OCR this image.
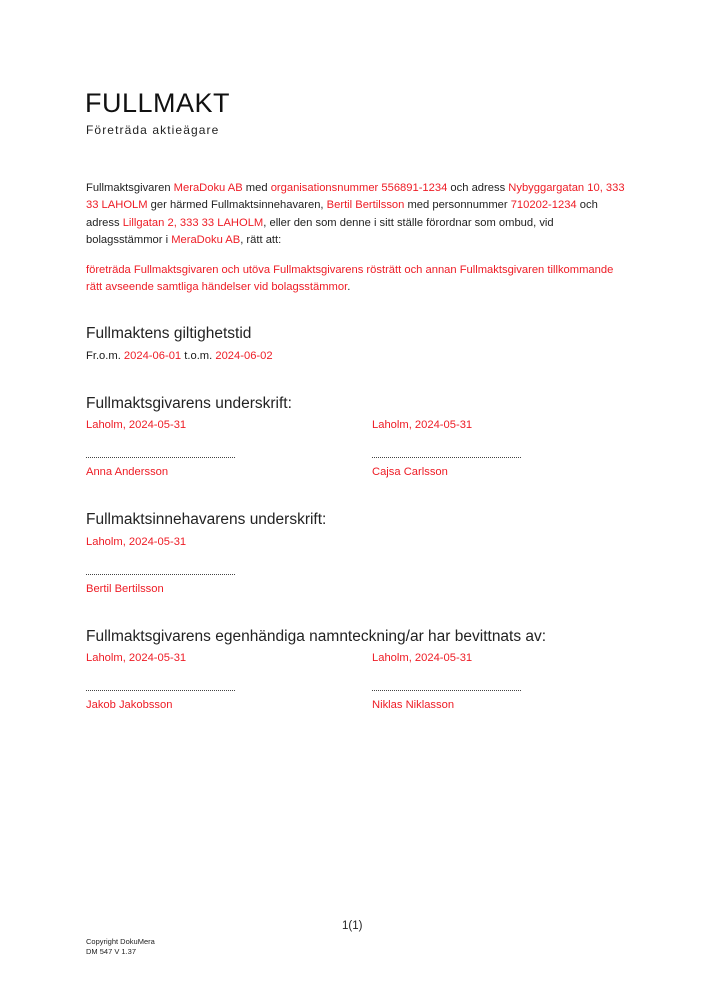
FULLMAKT
Företräda aktieägare
Fullmaktsgivaren MeraDoku AB med organisationsnummer 556891-1234 och adress Nybyggargatan 10, 333 33 LAHOLM ger härmed Fullmaktsinnehavaren, Bertil Bertilsson med personnummer 710202-1234 och adress Lillgatan 2, 333 33 LAHOLM, eller den som denne i sitt ställe förordnar som ombud, vid bolagsstämmor i MeraDoku AB, rätt att:
företräda Fullmaktsgivaren och utöva Fullmaktsgivarens rösträtt och annan Fullmaktsgivaren tillkommande rätt avseende samtliga händelser vid bolagsstämmor.
Fullmaktens giltighetstid
Fr.o.m. 2024-06-01 t.o.m. 2024-06-02
Fullmaktsgivarens underskrift:
Laholm, 2024-05-31	Laholm, 2024-05-31
Anna Andersson	Cajsa Carlsson
Fullmaktsinnehavarens underskrift:
Laholm, 2024-05-31
Bertil Bertilsson
Fullmaktsgivarens egenhändiga namnteckning/ar har bevittnats av:
Laholm, 2024-05-31	Laholm, 2024-05-31
Jakob Jakobsson	Niklas Niklasson
1(1)
Copyright DokuMera
DM 547 V 1.37
